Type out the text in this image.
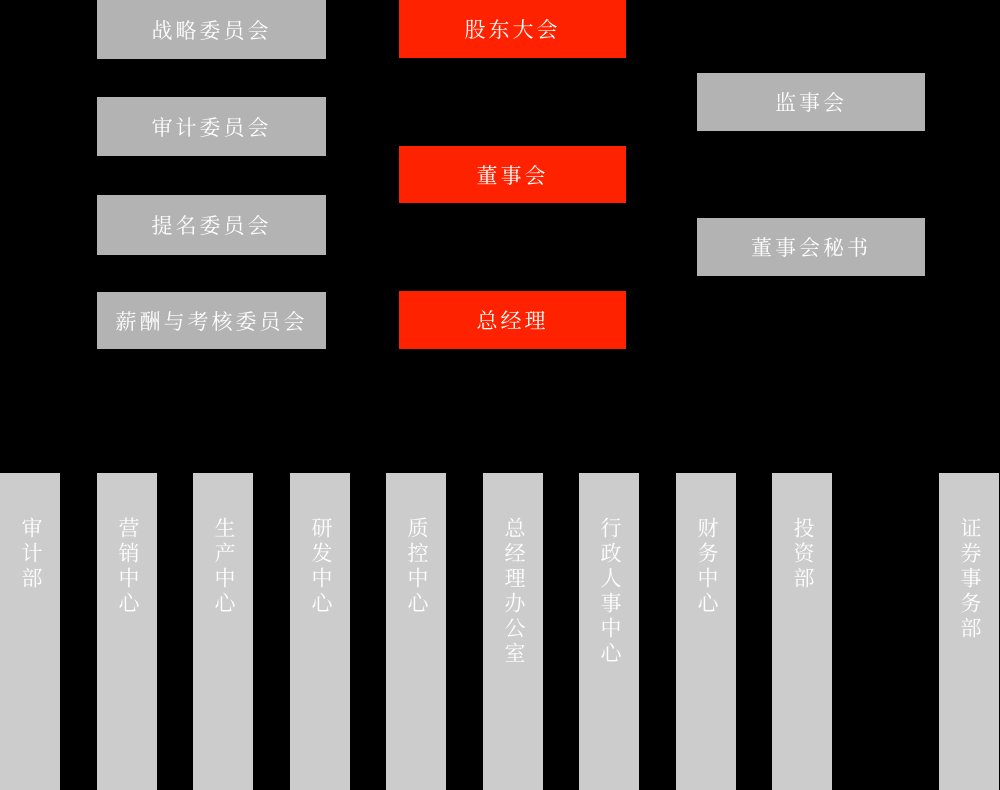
战略委员会
审计委员会
提名委员会
薪酬与考核委员会
股东大会
董事会
总经理
监事会
董事会秘书
审计部	营销中心	生产中心	研发中心	质控中心	总经理办公室	行政人事中心	财务中心	投资部	证券事务部
